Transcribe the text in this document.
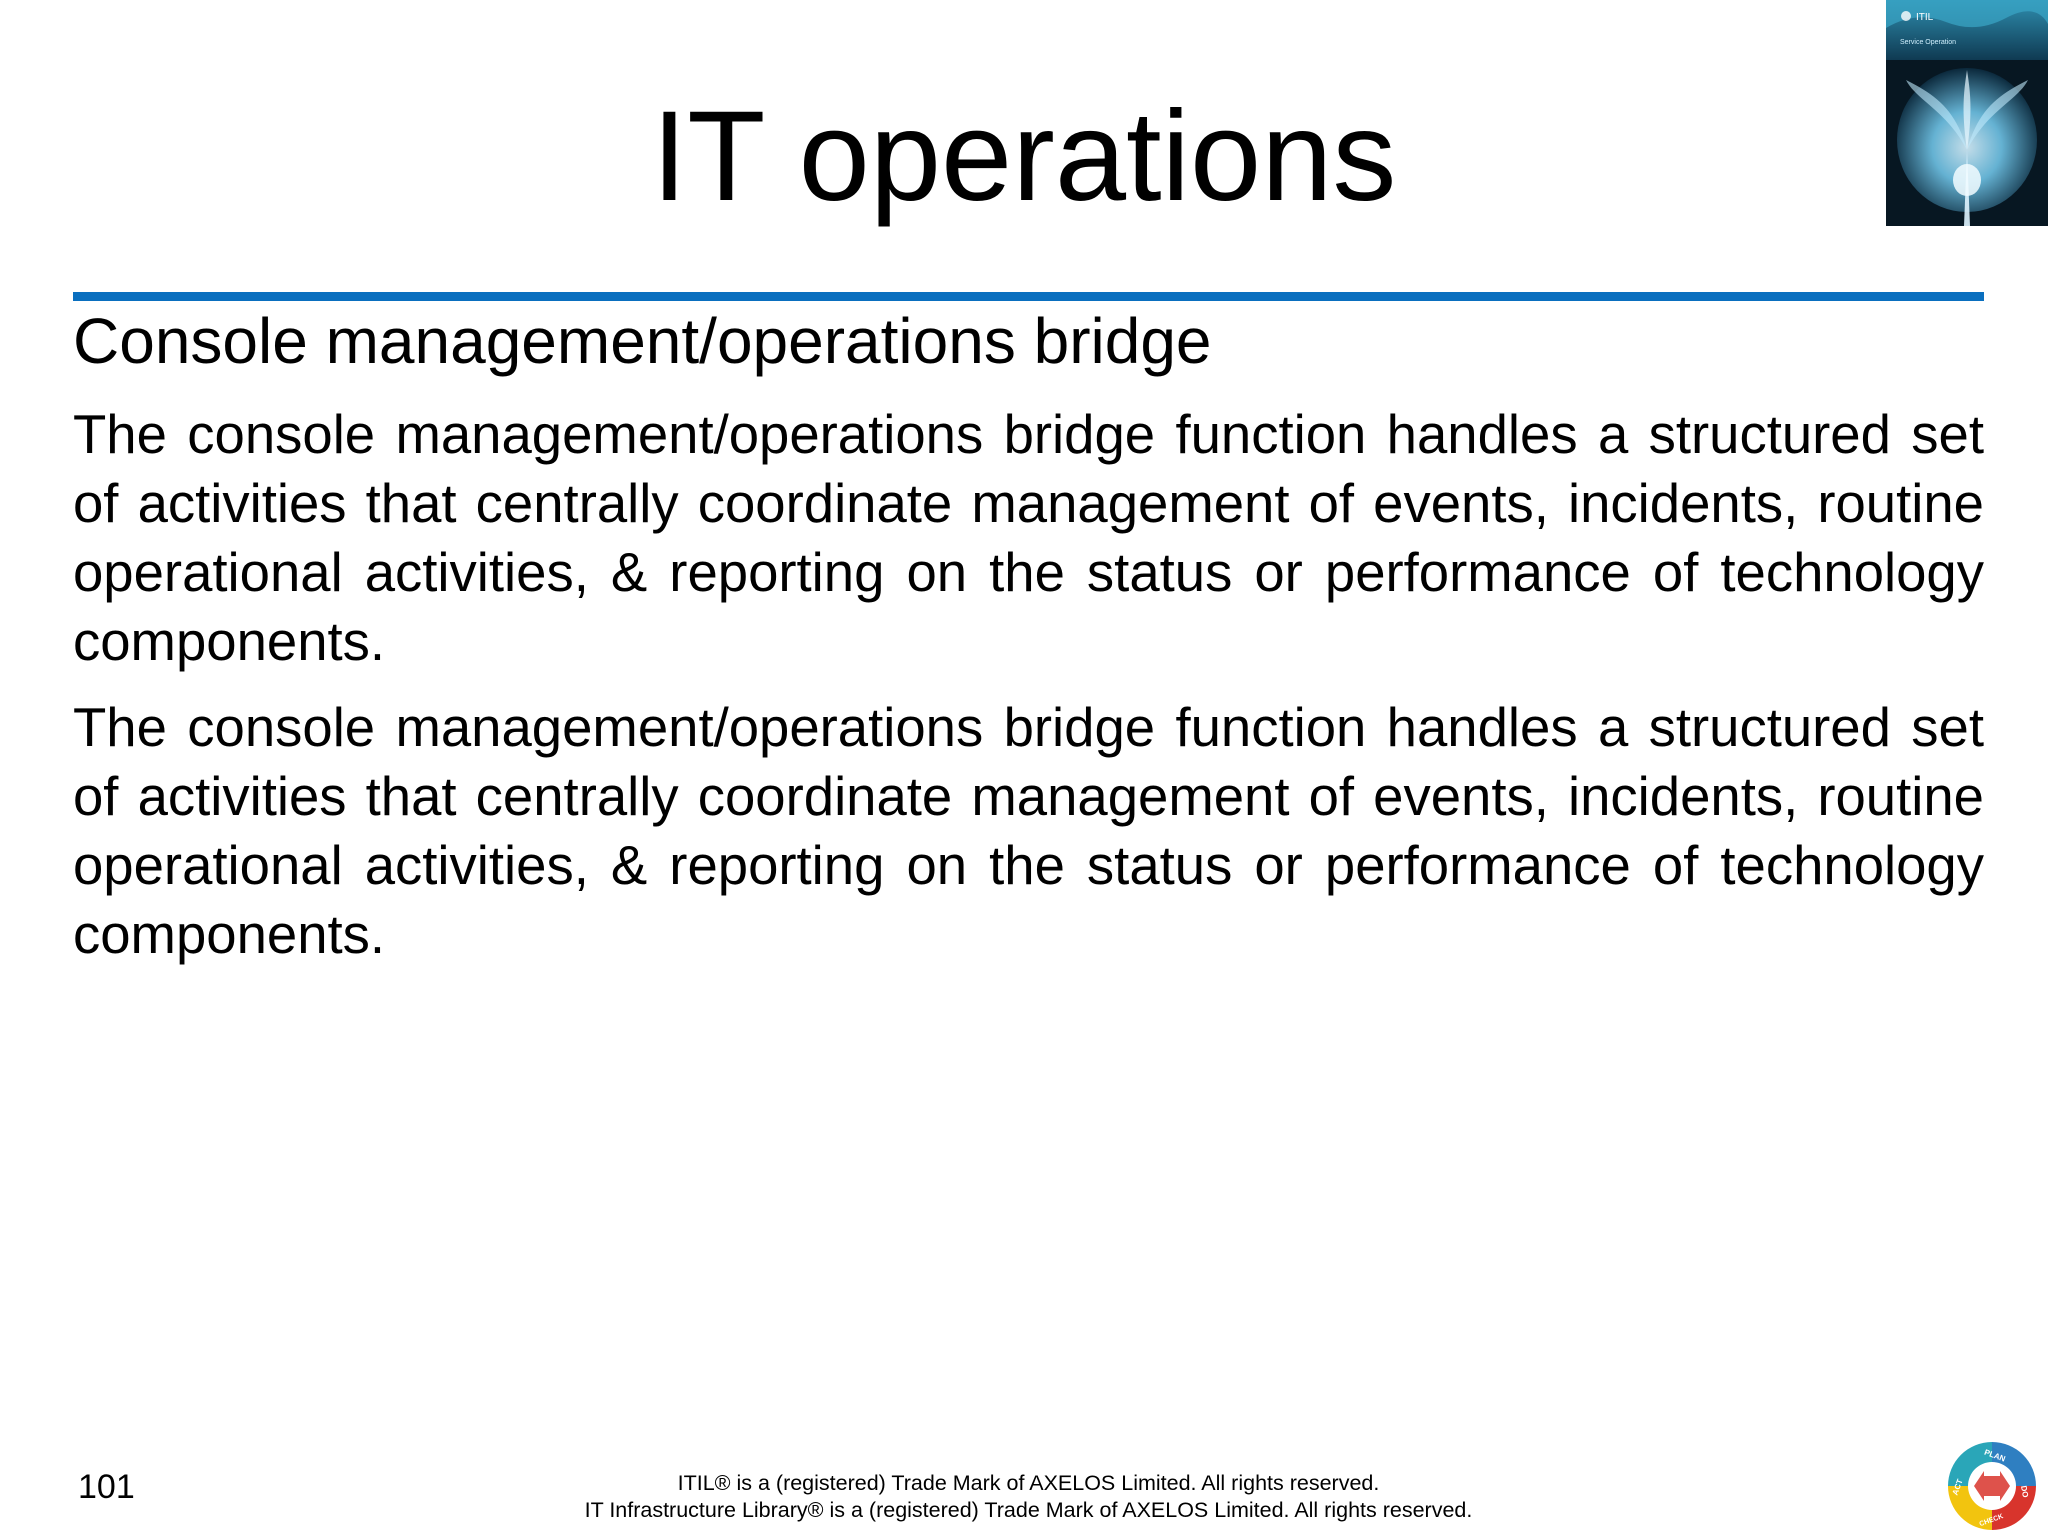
IT operations
ITIL
Service Operation
Console management/operations bridge

The console management/operations bridge function handles a structured set of activities that centrally coordinate management of events, incidents, routine operational activities, & reporting on the status or performance of technology components.

The console management/operations bridge function handles a structured set of activities that centrally coordinate management of events, incidents, routine operational activities, & reporting on the status or performance of technology components.

101	ITIL® is a (registered) Trade Mark of AXELOS Limited. All rights reserved.
IT Infrastructure Library® is a (registered) Trade Mark of AXELOS Limited. All rights reserved.
PLAN
DO
CHECK
ACT
